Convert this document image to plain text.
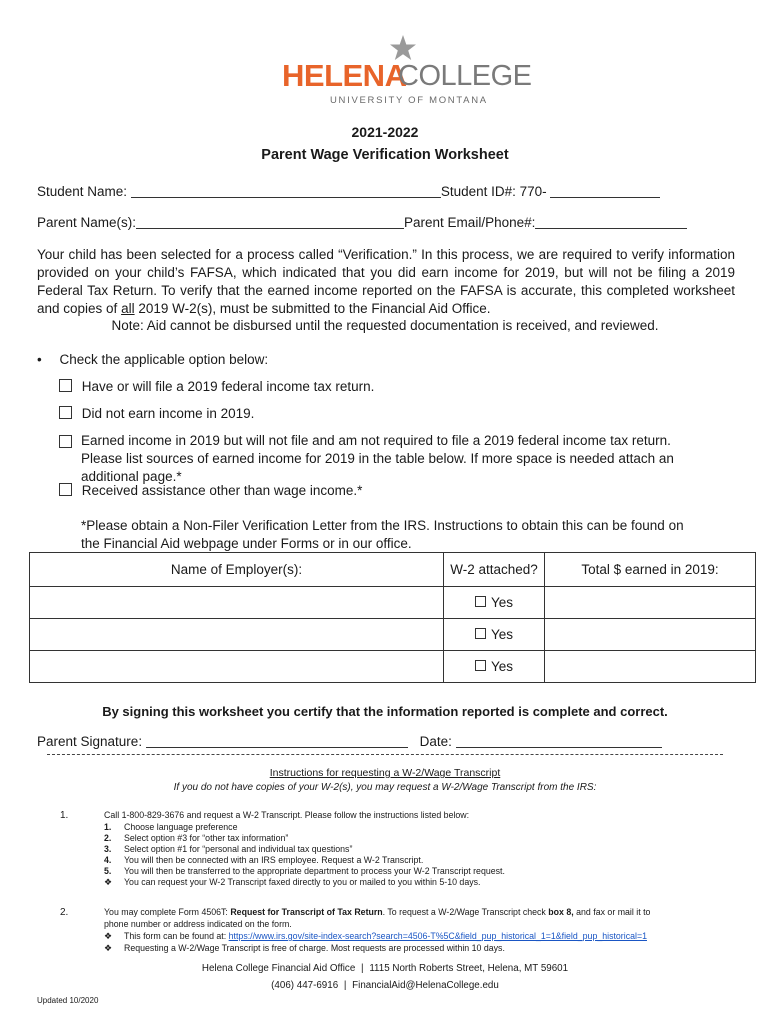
HELENA
COLLEGE
UNIVERSITY OF MONTANA
2021-2022
Parent Wage Verification Worksheet
Student Name:	Student ID#: 770-
Parent Name(s):	Parent Email/Phone#:
Your child has been selected for a process called “Verification.” In this process, we are required to verify information provided on your child’s FAFSA, which indicated that you did earn income for 2019, but will not be filing a 2019 Federal Tax Return. To verify that the earned income reported on the FAFSA is accurate, this completed worksheet and copies of all 2019 W-2(s), must be submitted to the Financial Aid Office.
Note: Aid cannot be disbursed until the requested documentation is received, and reviewed.
• Check the applicable option below:
Have or will file a 2019 federal income tax return.
Did not earn income in 2019.
Earned income in 2019 but will not file and am not required to file a 2019 federal income tax return. Please list sources of earned income for 2019 in the table below. If more space is needed attach an additional page.*
Received assistance other than wage income.*
*Please obtain a Non-Filer Verification Letter from the IRS. Instructions to obtain this can be found on the Financial Aid webpage under Forms or in our office.
Name of Employer(s):	W-2 attached?	Total $ earned in 2019:
	Yes	
	Yes	
	Yes	
By signing this worksheet you certify that the information reported is complete and correct.
Parent Signature:	Date:
Instructions for requesting a W-2/Wage Transcript
If you do not have copies of your W-2(s), you may request a W-2/Wage Transcript from the IRS:
1.	Call 1-800-829-3676 and request a W-2 Transcript. Please follow the instructions listed below:
1. Choose language preference
2. Select option #3 for “other tax information”
3. Select option #1 for “personal and individual tax questions”
4. You will then be connected with an IRS employee. Request a W-2 Transcript.
5. You will then be transferred to the appropriate department to process your W-2 Transcript request.
❖ You can request your W-2 Transcript faxed directly to you or mailed to you within 5-10 days.
2.	You may complete Form 4506T: Request for Transcript of Tax Return. To request a W-2/Wage Transcript check box 8, and fax or mail it to
phone number or address indicated on the form.
❖ This form can be found at: https://www.irs.gov/site-index-search?search=4506-T%5C&field_pup_historical_1=1&field_pup_historical=1
❖ Requesting a W-2/Wage Transcript is free of charge. Most requests are processed within 10 days.
Helena College Financial Aid Office | 1115 North Roberts Street, Helena, MT 59601
(406) 447-6916 | FinancialAid@HelenaCollege.edu
Updated 10/2020
